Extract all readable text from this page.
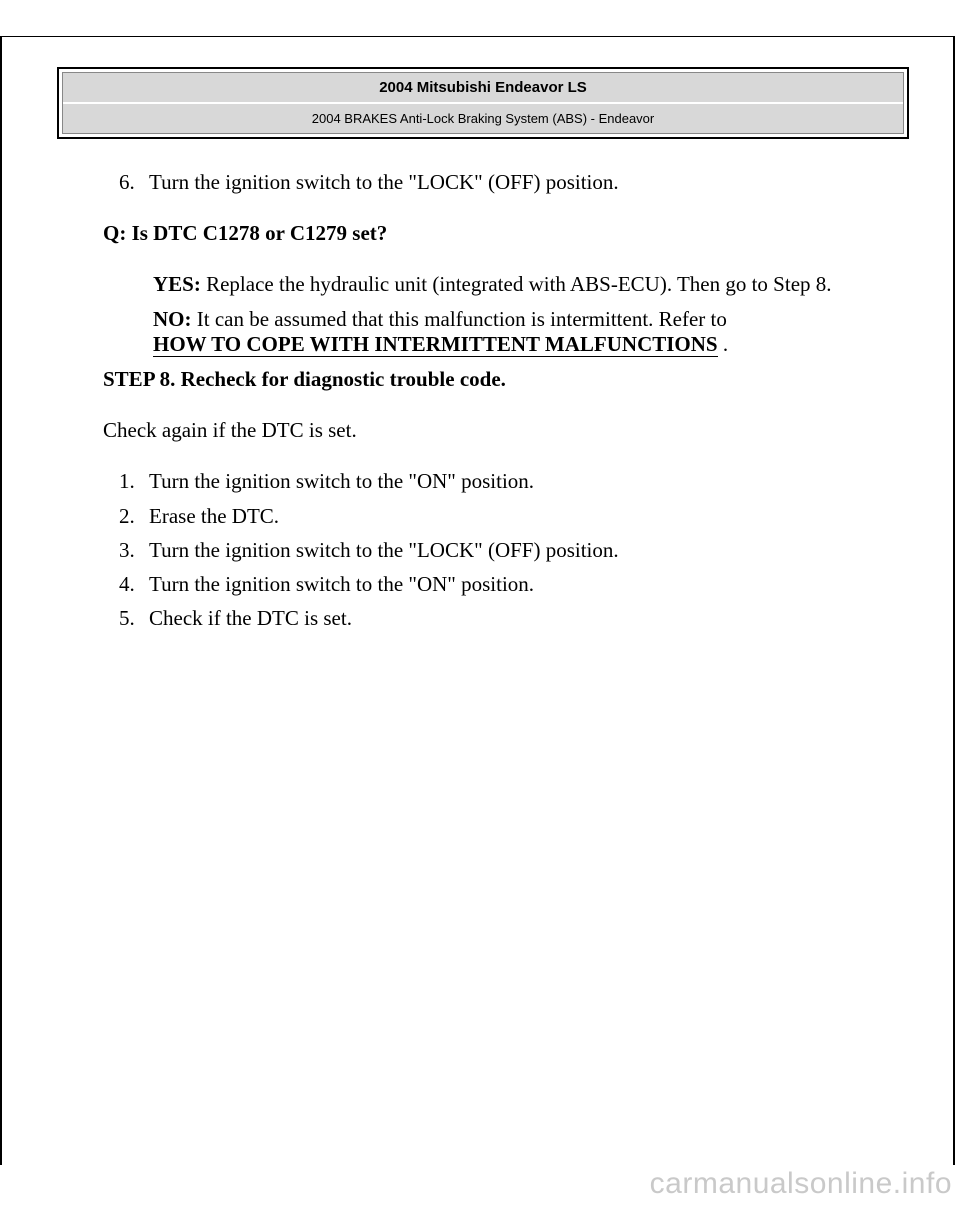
2004 Mitsubishi Endeavor LS
2004 BRAKES Anti-Lock Braking System (ABS) - Endeavor
6. Turn the ignition switch to the "LOCK" (OFF) position.

Q: Is DTC C1278 or C1279 set?

YES: Replace the hydraulic unit (integrated with ABS-ECU). Then go to Step 8.

NO: It can be assumed that this malfunction is intermittent. Refer to
HOW TO COPE WITH INTERMITTENT MALFUNCTIONS .

STEP 8. Recheck for diagnostic trouble code.

Check again if the DTC is set.

1. Turn the ignition switch to the "ON" position.
2. Erase the DTC.
3. Turn the ignition switch to the "LOCK" (OFF) position.
4. Turn the ignition switch to the "ON" position.
5. Check if the DTC is set.
carmanualsonline.info
